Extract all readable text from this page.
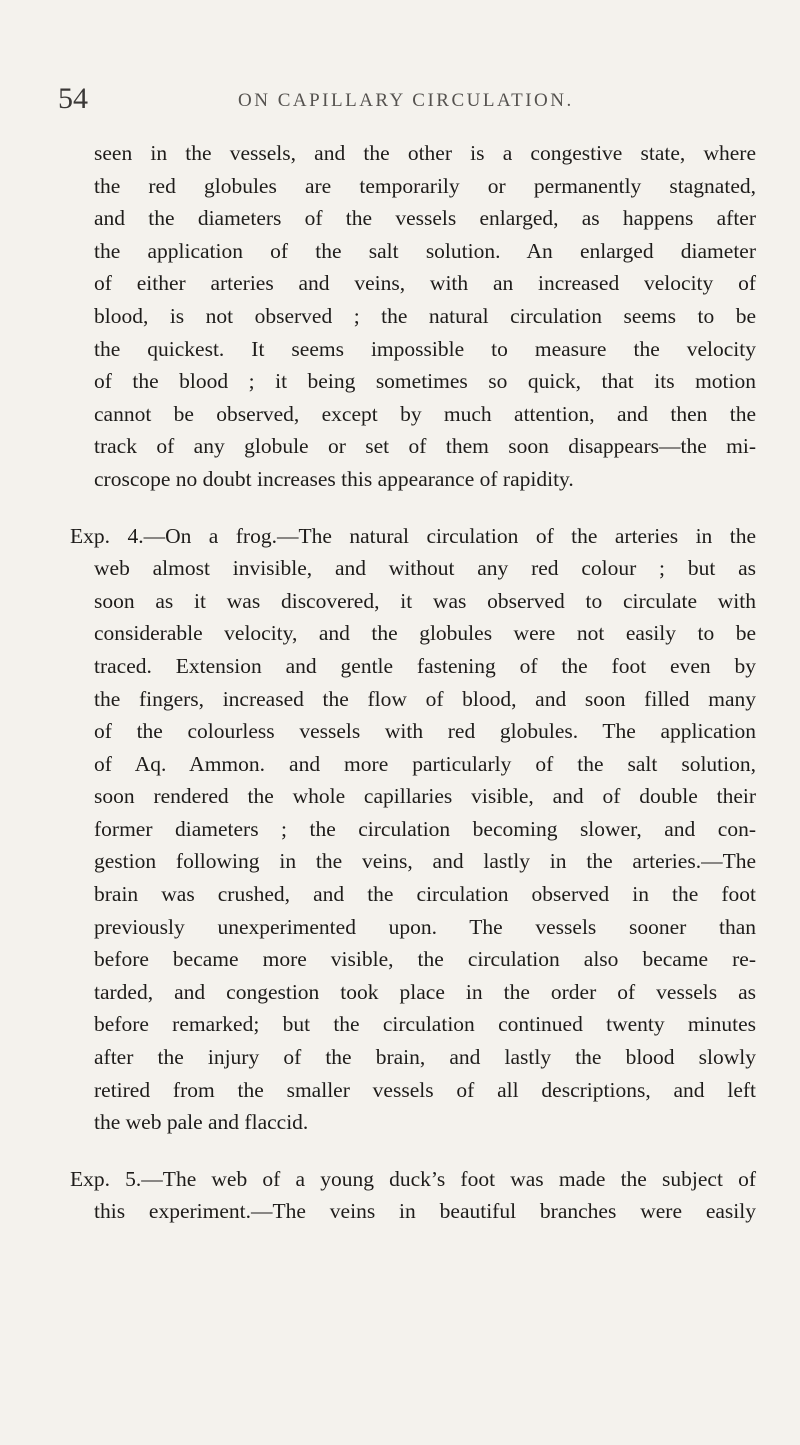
54	ON CAPILLARY CIRCULATION.
seen in the vessels, and the other is a congestive state, where
the red globules are temporarily or permanently stagnated,
and the diameters of the vessels enlarged, as happens after
the application of the salt solution. An enlarged diameter
of either arteries and veins, with an increased velocity of
blood, is not observed ; the natural circulation seems to be
the quickest. It seems impossible to measure the velocity
of the blood ; it being sometimes so quick, that its motion
cannot be observed, except by much attention, and then the
track of any globule or set of them soon disappears—the mi-
croscope no doubt increases this appearance of rapidity.
Exp. 4.—On a frog.—The natural circulation of the arteries in the
web almost invisible, and without any red colour ; but as
soon as it was discovered, it was observed to circulate with
considerable velocity, and the globules were not easily to be
traced. Extension and gentle fastening of the foot even by
the fingers, increased the flow of blood, and soon filled many
of the colourless vessels with red globules. The application
of Aq. Ammon. and more particularly of the salt solution,
soon rendered the whole capillaries visible, and of double their
former diameters ; the circulation becoming slower, and con-
gestion following in the veins, and lastly in the arteries.—The
brain was crushed, and the circulation observed in the foot
previously unexperimented upon. The vessels sooner than
before became more visible, the circulation also became re-
tarded, and congestion took place in the order of vessels as
before remarked; but the circulation continued twenty minutes
after the injury of the brain, and lastly the blood slowly
retired from the smaller vessels of all descriptions, and left
the web pale and flaccid.
Exp. 5.—The web of a young duck’s foot was made the subject of
this experiment.—The veins in beautiful branches were easily
